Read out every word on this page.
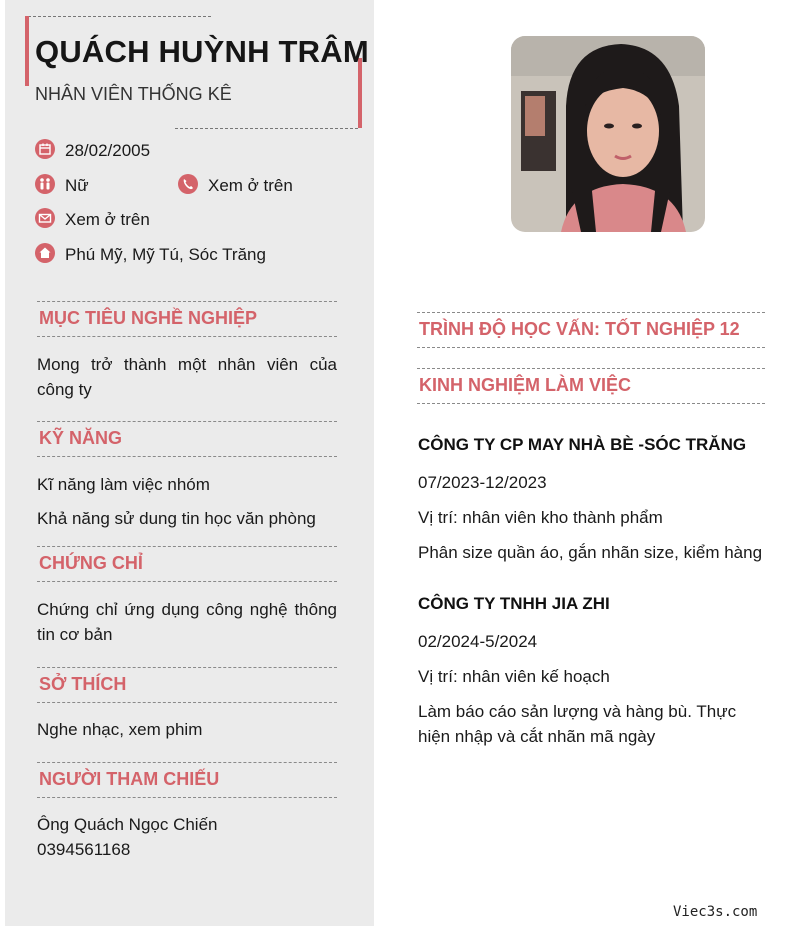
QUÁCH HUỲNH TRÂM
NHÂN VIÊN THỐNG KÊ
28/02/2005
Nữ	Xem ở trên
Xem ở trên
Phú Mỹ, Mỹ Tú, Sóc Trăng
MỤC TIÊU NGHỀ NGHIỆP
Mong trở thành một nhân viên của công ty
KỸ NĂNG
Kĩ năng làm việc nhóm
Khả năng sử dung tin học văn phòng
CHỨNG CHỈ
Chứng chỉ ứng dụng công nghệ thông tin cơ bản
SỞ THÍCH
Nghe nhạc, xem phim
NGƯỜI THAM CHIẾU
Ông Quách Ngọc Chiến
0394561168
TRÌNH ĐỘ HỌC VẤN: TỐT NGHIỆP 12
KINH NGHIỆM LÀM VIỆC
CÔNG TY CP MAY NHÀ BÈ -SÓC TRĂNG
07/2023-12/2023
Vị trí: nhân viên kho thành phẩm
Phân size quần áo, gắn nhãn size, kiểm hàng
CÔNG TY TNHH JIA ZHI
02/2024-5/2024
Vị trí: nhân viên kế hoạch
Làm báo cáo sản lượng và hàng bù. Thực hiện nhập và cắt nhãn mã ngày
Viec3s.com
